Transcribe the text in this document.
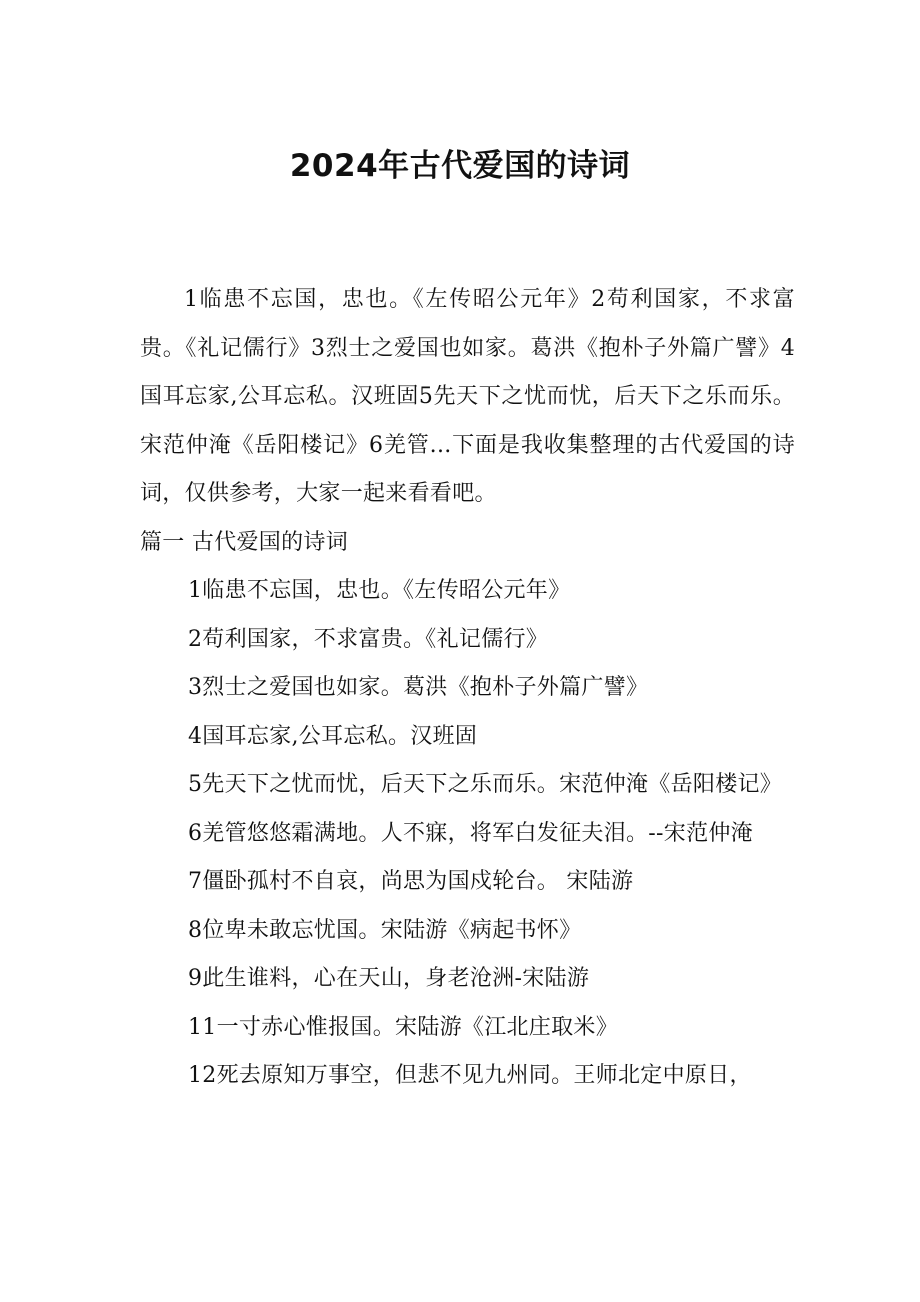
2024年古代爱国的诗词

1临患不忘国，忠也。《左传昭公元年》2苟利国家，不求富贵。《礼记儒行》3烈士之爱国也如家。葛洪《抱朴子外篇广譬》4国耳忘家,公耳忘私。汉班固5先天下之忧而忧，后天下之乐而乐。宋范仲淹《岳阳楼记》6羌管...下面是我收集整理的古代爱国的诗词，仅供参考，大家一起来看看吧。

篇一 古代爱国的诗词

1临患不忘国，忠也。《左传昭公元年》

2苟利国家，不求富贵。《礼记儒行》

3烈士之爱国也如家。葛洪《抱朴子外篇广譬》

4国耳忘家,公耳忘私。汉班固

5先天下之忧而忧，后天下之乐而乐。宋范仲淹《岳阳楼记》

6羌管悠悠霜满地。人不寐，将军白发征夫泪。--宋范仲淹

7僵卧孤村不自哀，尚思为国戍轮台。 宋陆游

8位卑未敢忘忧国。宋陆游《病起书怀》

9此生谁料，心在天山，身老沧洲-宋陆游

11一寸赤心惟报国。宋陆游《江北庄取米》

12死去原知万事空，但悲不见九州同。王师北定中原日，
